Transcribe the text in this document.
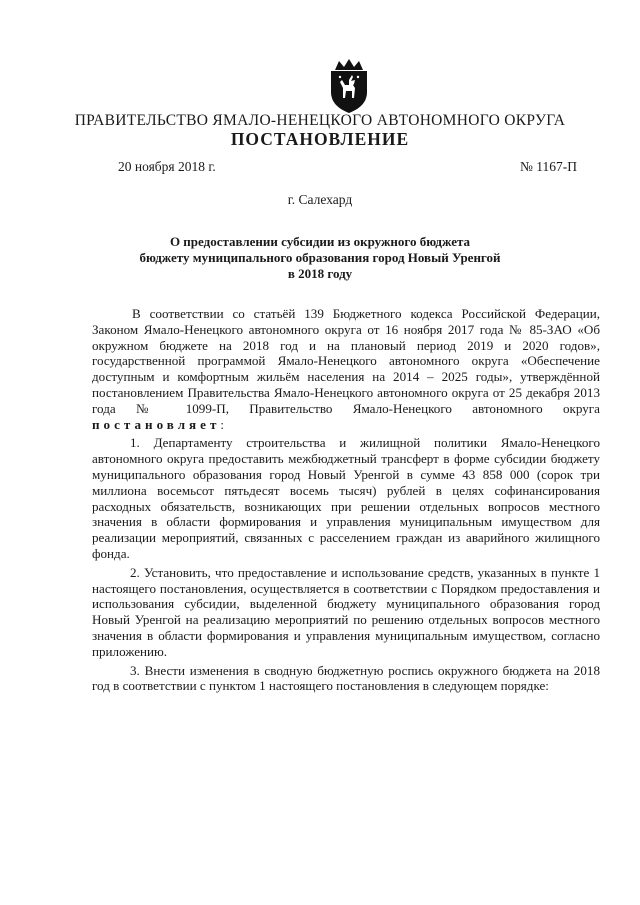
ПРАВИТЕЛЬСТВО ЯМАЛО-НЕНЕЦКОГО АВТОНОМНОГО ОКРУГА
ПОСТАНОВЛЕНИЕ
20 ноября 2018 г.	№ 1167-П
г. Салехард
О предоставлении субсидии из окружного бюджета
бюджету муниципального образования город Новый Уренгой
в 2018 году

В соответствии со статьёй 139 Бюджетного кодекса Российской Федерации, Законом Ямало-Ненецкого автономного округа от 16 ноября 2017 года № 85-ЗАО «Об окружном бюджете на 2018 год и на плановый период 2019 и 2020 годов», государственной программой Ямало-Ненецкого автономного округа «Обеспечение доступным и комфортным жильём населения на 2014 – 2025 годы», утверждённой постановлением Правительства Ямало-Ненецкого автономного округа от 25 декабря 2013 года № 1099-П, Правительство Ямало-Ненецкого автономного округа постановляет:

1. Департаменту строительства и жилищной политики Ямало-Ненецкого автономного округа предоставить межбюджетный трансферт в форме субсидии бюджету муниципального образования город Новый Уренгой в сумме 43 858 000 (сорок три миллиона восемьсот пятьдесят восемь тысяч) рублей в целях софинансирования расходных обязательств, возникающих при решении отдельных вопросов местного значения в области формирования и управления муниципальным имуществом для реализации мероприятий, связанных с расселением граждан из аварийного жилищного фонда.

2. Установить, что предоставление и использование средств, указанных в пункте 1 настоящего постановления, осуществляется в соответствии с Порядком предоставления и использования субсидии, выделенной бюджету муниципального образования город Новый Уренгой на реализацию мероприятий по решению отдельных вопросов местного значения в области формирования и управления муниципальным имуществом, согласно приложению.

3. Внести изменения в сводную бюджетную роспись окружного бюджета на 2018 год в соответствии с пунктом 1 настоящего постановления в следующем порядке:
